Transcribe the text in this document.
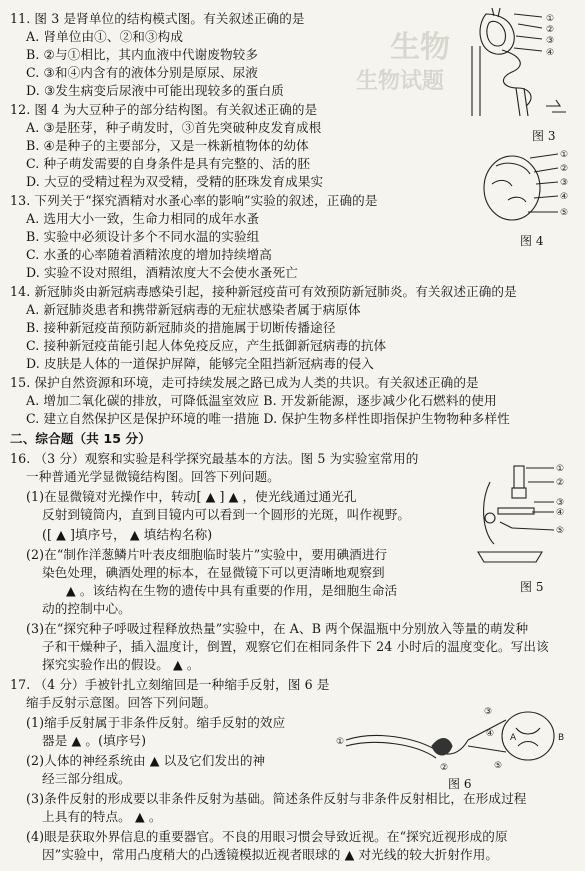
生物
生物试题
11. 图 3 是肾单位的结构模式图。有关叙述正确的是
A. 肾单位由①、②和③构成
B. ②与①相比，其内血液中代谢废物较多
C. ③和④内含有的液体分别是原尿、尿液
D. ③发生病变后尿液中可能出现较多的蛋白质
12. 图 4 为大豆种子的部分结构图。有关叙述正确的是
A. ③是胚芽，种子萌发时，③首先突破种皮发育成根
B. ④是种子的主要部分，又是一株新植物体的幼体
C. 种子萌发需要的自身条件是具有完整的、活的胚
D. 大豆的受精过程为双受精，受精的胚珠发育成果实
13. 下列关于“探究酒精对水蚤心率的影响”实验的叙述，正确的是
A. 选用大小一致，生命力相同的成年水蚤
B. 实验中必须设计多个不同水温的实验组
C. 水蚤的心率随着酒精浓度的增加持续增高
D. 实验不设对照组，酒精浓度大不会使水蚤死亡
14. 新冠肺炎由新冠病毒感染引起，接种新冠疫苗可有效预防新冠肺炎。有关叙述正确的是
A. 新冠肺炎患者和携带新冠病毒的无症状感染者属于病原体
B. 接种新冠疫苗预防新冠肺炎的措施属于切断传播途径
C. 接种新冠疫苗能引起人体免疫反应，产生抵御新冠病毒的抗体
D. 皮肤是人体的一道保护屏障，能够完全阻挡新冠病毒的侵入
15. 保护自然资源和环境，走可持续发展之路已成为人类的共识。有关叙述正确的是
A. 增加二氧化碳的排放，可降低温室效应 B. 开发新能源，逐步减少化石燃料的使用
C. 建立自然保护区是保护环境的唯一措施 D. 保护生物多样性即指保护生物物种多样性
二、综合题（共 15 分）
16. （3 分）观察和实验是科学探究最基本的方法。图 5 为实验室常用的
一种普通光学显微镜结构图。回答下列问题。
(1)在显微镜对光操作中，转动[ ▲ ] ▲ ，使光线通过通光孔
反射到镜筒内，直到目镜内可以看到一个圆形的光斑，叫作视野。
([ ▲ ]填序号， ▲ 填结构名称)
(2)在“制作洋葱鳞片叶表皮细胞临时装片”实验中，要用碘酒进行
染色处理，碘酒处理的标本，在显微镜下可以更清晰地观察到
▲ 。该结构在生物的遗传中具有重要的作用，是细胞生命活
动的控制中心。
(3)在“探究种子呼吸过程释放热量”实验中，在 A、B 两个保温瓶中分别放入等量的萌发种
子和干燥种子，插入温度计，倒置，观察它们在相同条件下 24 小时后的温度变化。写出该
探究实验作出的假设。 ▲ 。
17. （4 分）手被针扎立刻缩回是一种缩手反射，图 6 是
缩手反射示意图。回答下列问题。
(1)缩手反射属于非条件反射。缩手反射的效应
器是 ▲ 。(填序号)
(2)人体的神经系统由 ▲ 以及它们发出的神
经三部分组成。
(3)条件反射的形成要以非条件反射为基础。简述条件反射与非条件反射相比，在形成过程
上具有的特点。 ▲ 。
(4)眼是获取外界信息的重要器官。不良的用眼习惯会导致近视。在“探究近视形成的原
因”实验中，常用凸度稍大的凸透镜模拟近视者眼球的 ▲ 对光线的较大折射作用。
①
②
③
④
图 3
①
②
③
④
⑤
图 4
①
②
③
④
⑤
图 5
①
②
③
④
⑤
A	B
图 6
